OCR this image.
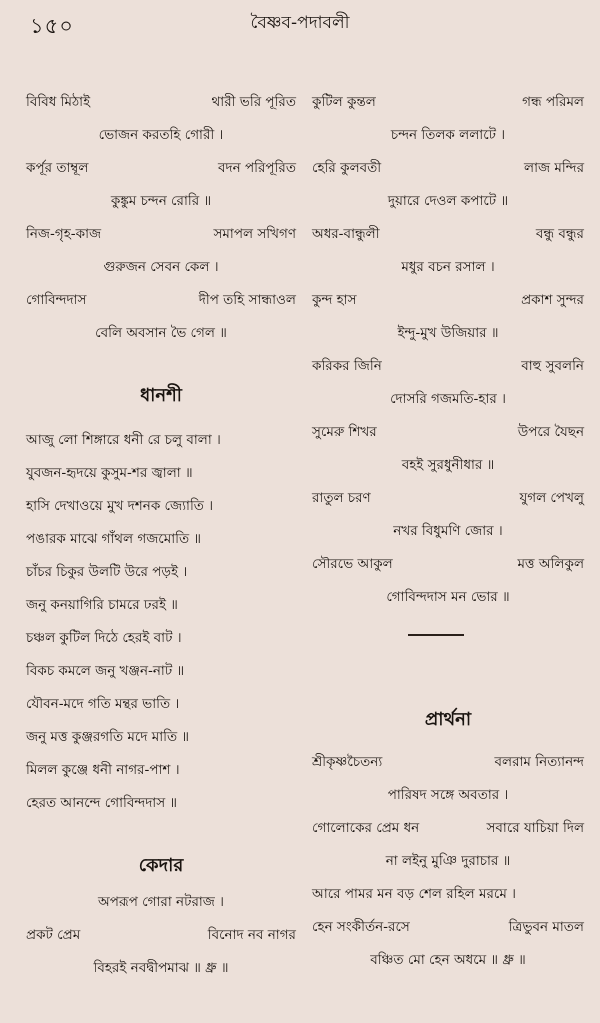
১৫০	বৈষ্ণব-পদাবলী
বিবিধ মিঠাই	থারী ভরি পূরিত
ভোজন করতহি গোরী ।
কর্পূর তাম্বূল	বদন পরিপূরিত
কুঙ্কুম চন্দন রোরি ॥
নিজ-গৃহ-কাজ	সমাপল সখিগণ
গুরুজন সেবন কেল ।
গোবিন্দদাস	দীপ তহি সান্ধাওল
বেলি অবসান ভৈ গেল ॥
ধানশী
আজু লো শিঙ্গারে ধনী রে চলু বালা ।
যুবজন-হৃদয়ে কুসুম-শর জ্বালা ॥
হাসি দেখাওয়ে মুখ দশনক জ্যোতি ।
পঙারক মাঝে গাঁথল গজমোতি ॥
চাঁচর চিকুর উলটি উরে পড়ই ।
জনু কনয়াগিরি চামরে ঢরই ॥
চঞ্চল কুটিল দিঠে হেরই বাট ।
বিকচ কমলে জনু খঞ্জন-নাট ॥
যৌবন-মদে গতি মন্থর ভাতি ।
জনু মত্ত কুঞ্জরগতি মদে মাতি ॥
মিলল কুঞ্জে ধনী নাগর-পাশ ।
হেরত আনন্দে গোবিন্দদাস ॥
কেদার
অপরূপ গোরা নটরাজ ।
প্রকট প্রেম	বিনোদ নব নাগর
বিহরই নবদ্বীপমাঝ ॥ ধ্রু ॥
কুটিল কুন্তল	গন্ধ পরিমল
চন্দন তিলক ললাটে ।
হেরি কুলবতী	লাজ মন্দির
দুয়ারে দেওল কপাটে ॥
অধর-বান্ধুলী	বন্ধু বন্ধুর
মধুর বচন রসাল ।
কুন্দ হাস	প্রকাশ সুন্দর
ইন্দু-মুখ উজিয়ার ॥
করিকর জিনি	বাহু সুবলনি
দোসরি গজমতি-হার ।
সুমেরু শিখর	উপরে যৈছন
বহই সুরধুনীধার ॥
রাতুল চরণ	যুগল পেখলু
নখর বিধুমণি জোর ।
সৌরভে আকুল	মত্ত অলিকুল
গোবিন্দদাস মন ভোর ॥
প্রার্থনা
শ্রীকৃষ্ণচৈতন্য	বলরাম নিত্যানন্দ
পারিষদ সঙ্গে অবতার ।
গোলোকের প্রেম ধন	সবারে যাচিয়া দিল
না লইনু মুঞি দুরাচার ॥
আরে পামর মন বড় শেল রহিল মরমে ।
হেন সংকীর্তন-রসে	ত্রিভুবন মাতল
বঞ্চিত মো হেন অধমে ॥ ধ্রু ॥
